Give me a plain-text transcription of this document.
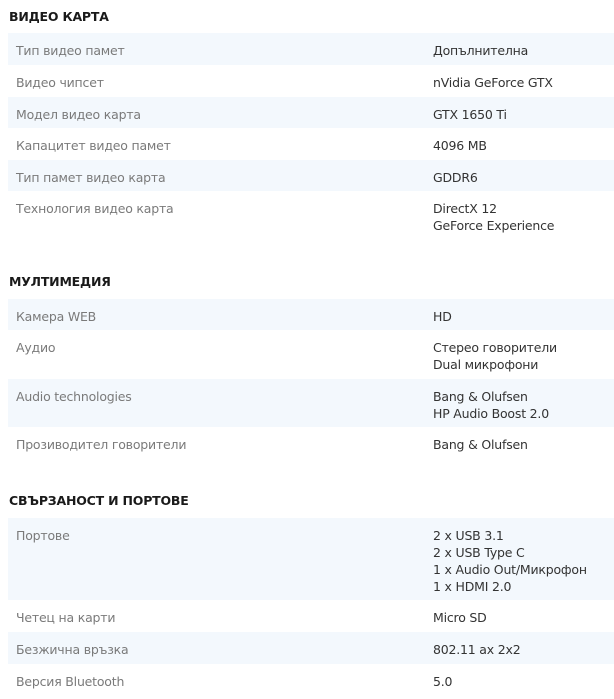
ВИДЕО КАРТА
Тип видео памет	Допълнителна
Видео чипсет	nVidia GeForce GTX
Модел видео карта	GTX 1650 Ti
Капацитет видео памет	4096 MB
Тип памет видео карта	GDDR6
Технология видео карта	DirectX 12
GeForce Experience
МУЛТИМЕДИЯ
Камера WEB	HD
Аудио	Стерео говорители
Dual микрофони
Audio technologies	Bang & Olufsen
HP Audio Boost 2.0
Прозиводител говорители	Bang & Olufsen
СВЪРЗАНОСТ И ПОРТОВЕ
Портове	2 x USB 3.1
2 x USB Type C
1 x Audio Out/Микрофон
1 x HDMI 2.0
Четец на карти	Micro SD
Безжична връзка	802.11 ax 2x2
Версия Bluetooth	5.0
